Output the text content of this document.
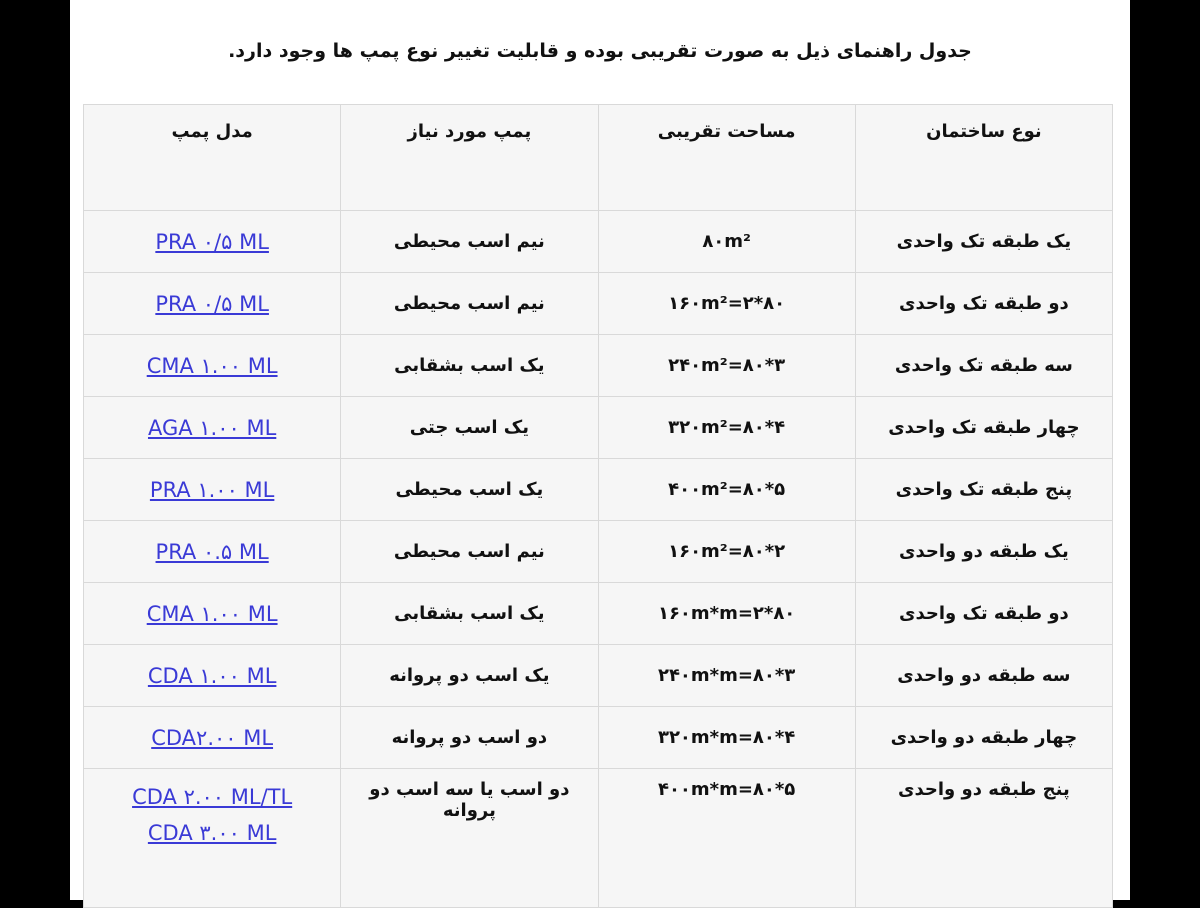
جدول راهنمای ذیل به صورت تقریبی بوده و قابلیت تغییر نوع پمپ ها وجود دارد.
نوع ساختمان	مساحت تقریبی	پمپ مورد نیاز	مدل پمپ
یک طبقه تک واحدی	۸۰m²	نیم اسب محیطی	PRA ۰/۵ ML

دو طبقه تک واحدی	۱۶۰m²=۲*۸۰	نیم اسب محیطی	PRA ۰/۵ ML

سه طبقه تک واحدی	۲۴۰m²=۸۰*۳	یک اسب بشقابی	CMA ۱.۰۰ ML

چهار طبقه تک واحدی	۳۲۰m²=۸۰*۴	یک اسب جتی	AGA ۱.۰۰ ML

پنج طبقه تک واحدی	۴۰۰m²=۸۰*۵	یک اسب محیطی	PRA ۱.۰۰ ML

یک طبقه دو واحدی	۱۶۰m²=۸۰*۲	نیم اسب محیطی	PRA ۰.۵ ML

دو طبقه تک واحدی	۱۶۰m*m=۲*۸۰	یک اسب بشقابی	CMA ۱.۰۰ ML

سه طبقه دو واحدی	۲۴۰m*m=۸۰*۳	یک اسب دو پروانه	CDA ۱.۰۰ ML

چهار طبقه دو واحدی	۳۲۰m*m=۸۰*۴	دو اسب دو پروانه	CDA۲.۰۰ ML

پنج طبقه دو واحدی	۴۰۰m*m=۸۰*۵	دو اسب یا سه اسب دو پروانه	CDA ۲.۰۰ ML/TL
CDA ۳.۰۰ ML
